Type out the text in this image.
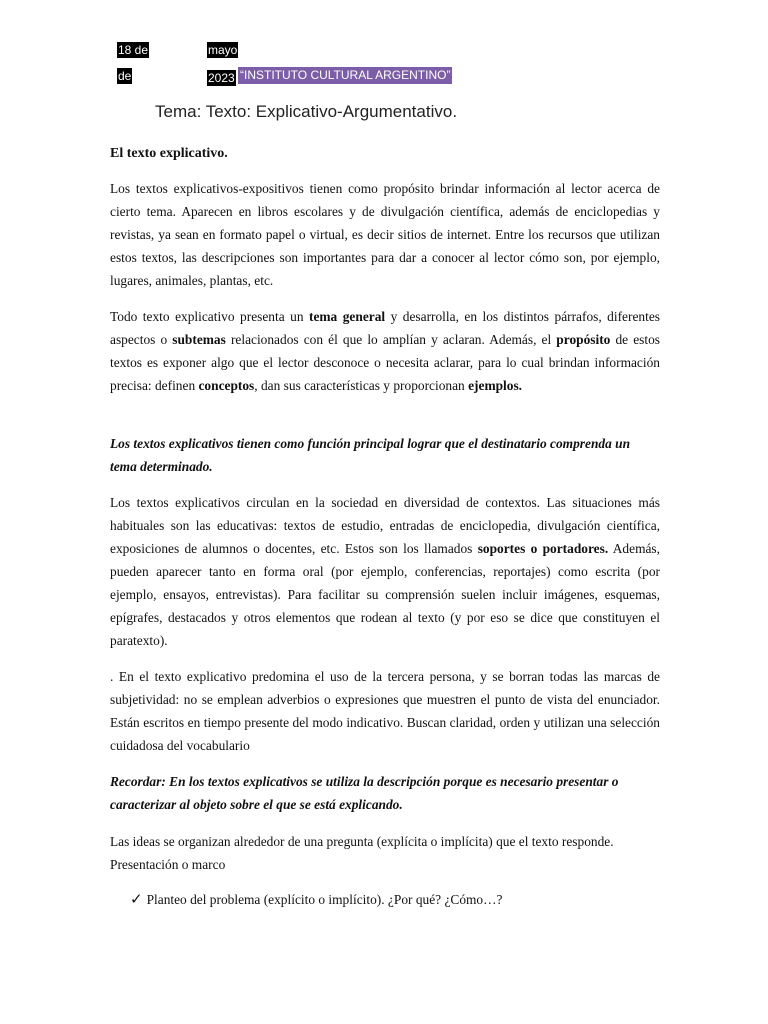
18 de
de
mayo
2023 “INSTITUTO CULTURAL ARGENTINO”
Tema: Texto: Explicativo-Argumentativo.
El texto explicativo.
Los textos explicativos-expositivos tienen como propósito brindar información al lector acerca de cierto tema. Aparecen en libros escolares y de divulgación científica, además de enciclopedias y revistas, ya sean en formato papel o virtual, es decir sitios de internet. Entre los recursos que utilizan estos textos, las descripciones son importantes para dar a conocer al lector cómo son, por ejemplo, lugares, animales, plantas, etc.
Todo texto explicativo presenta un tema general y desarrolla, en los distintos párrafos, diferentes aspectos o subtemas relacionados con él que lo amplían y aclaran. Además, el propósito de estos textos es exponer algo que el lector desconoce o necesita aclarar, para lo cual brindan información precisa: definen conceptos, dan sus características y proporcionan ejemplos.
Los textos explicativos tienen como función principal lograr que el destinatario comprenda un tema determinado.
Los textos explicativos circulan en la sociedad en diversidad de contextos. Las situaciones más habituales son las educativas: textos de estudio, entradas de enciclopedia, divulgación científica, exposiciones de alumnos o docentes, etc. Estos son los llamados soportes o portadores. Además, pueden aparecer tanto en forma oral (por ejemplo, conferencias, reportajes) como escrita (por ejemplo, ensayos, entrevistas). Para facilitar su comprensión suelen incluir imágenes, esquemas, epígrafes, destacados y otros elementos que rodean al texto (y por eso se dice que constituyen el paratexto).
. En el texto explicativo predomina el uso de la tercera persona, y se borran todas las marcas de subjetividad: no se emplean adverbios o expresiones que muestren el punto de vista del enunciador. Están escritos en tiempo presente del modo indicativo. Buscan claridad, orden y utilizan una selección cuidadosa del vocabulario
Recordar: En los textos explicativos se utiliza la descripción porque es necesario presentar o caracterizar al objeto sobre el que se está explicando.
Las ideas se organizan alrededor de una pregunta (explícita o implícita) que el texto responde.
Presentación o marco
✓ Planteo del problema (explícito o implícito). ¿Por qué? ¿Cómo…?
